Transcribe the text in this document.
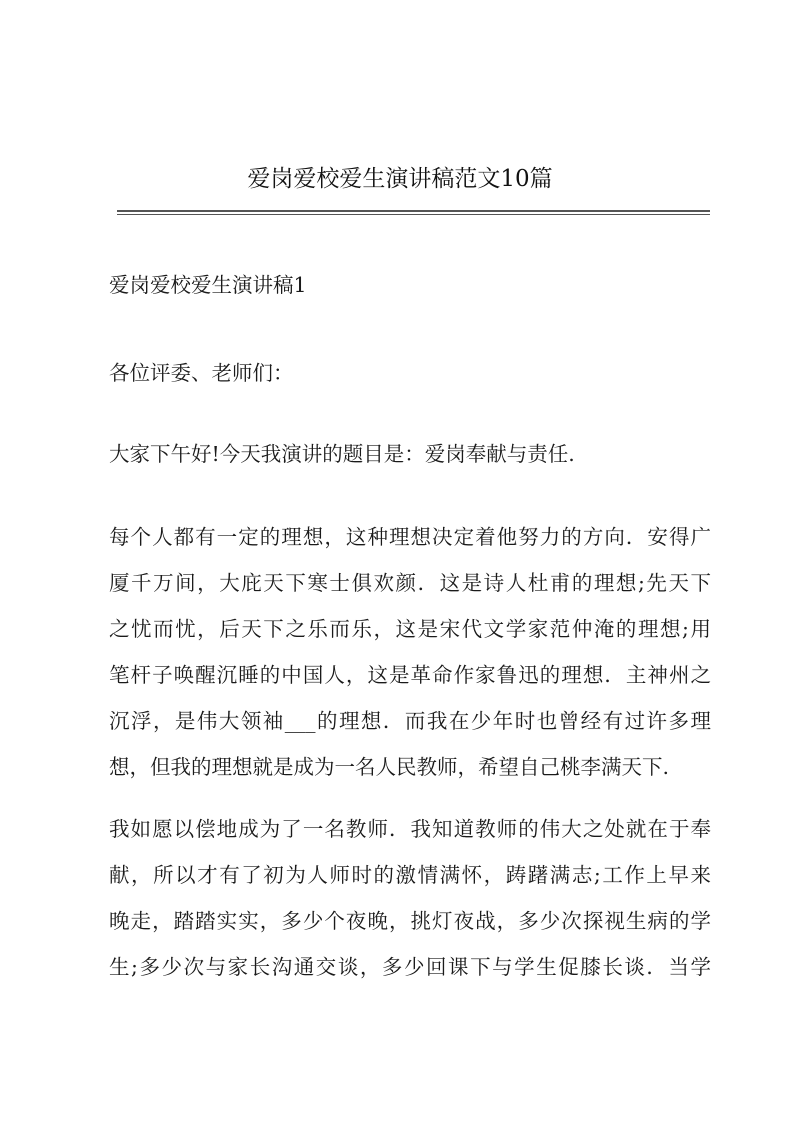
爱岗爱校爱生演讲稿范文10篇
爱岗爱校爱生演讲稿1
各位评委、老师们：
大家下午好!今天我演讲的题目是：爱岗奉献与责任.
每个人都有一定的理想，这种理想决定着他努力的方向．安得广
厦千万间，大庇天下寒士俱欢颜．这是诗人杜甫的理想;先天下
之忧而忧，后天下之乐而乐，这是宋代文学家范仲淹的理想;用
笔杆子唤醒沉睡的中国人，这是革命作家鲁迅的理想．主神州之
沉浮，是伟大领袖___的理想．而我在少年时也曾经有过许多理
想，但我的理想就是成为一名人民教师，希望自己桃李满天下.
我如愿以偿地成为了一名教师．我知道教师的伟大之处就在于奉
献，所以才有了初为人师时的激情满怀，踌躇满志;工作上早来
晚走，踏踏实实，多少个夜晚，挑灯夜战，多少次探视生病的学
生;多少次与家长沟通交谈，多少回课下与学生促膝长谈．当学
